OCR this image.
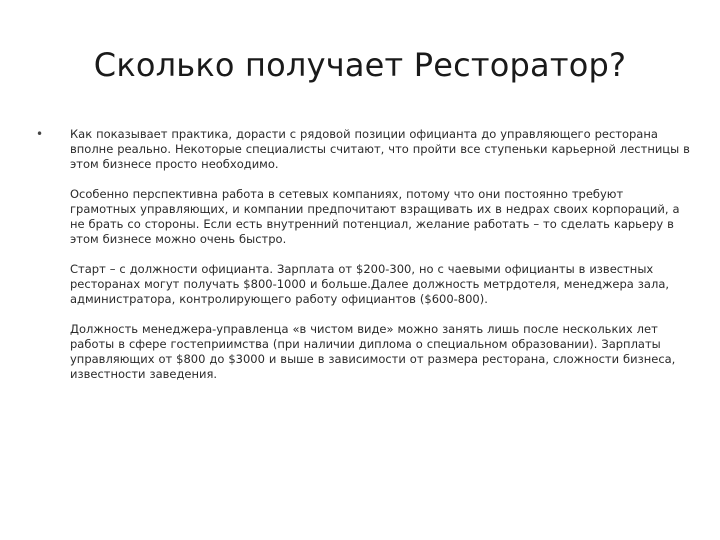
Сколько получает Ресторатор?
• Как показывает практика, дорасти с рядовой позиции официанта до управляющего ресторана вполне реально. Некоторые специалисты считают, что пройти все ступеньки карьерной лестницы в этом бизнесе просто необходимо.

Особенно перспективна работа в сетевых компаниях, потому что они постоянно требуют грамотных управляющих, и компании предпочитают взращивать их в недрах своих корпораций, а не брать со стороны. Если есть внутренний потенциал, желание работать – то сделать карьеру в этом бизнесе можно очень быстро.

Старт – с должности официанта. Зарплата от $200-300, но с чаевыми официанты в известных ресторанах могут получать $800-1000 и больше.Далее должность метрдотеля, менеджера зала, администратора, контролирующего работу официантов ($600-800).

Должность менеджера-управленца «в чистом виде» можно занять лишь после нескольких лет работы в сфере гостеприимства (при наличии диплома о специальном образовании). Зарплаты управляющих от $800 до $3000 и выше в зависимости от размера ресторана, сложности бизнеса, известности заведения.
